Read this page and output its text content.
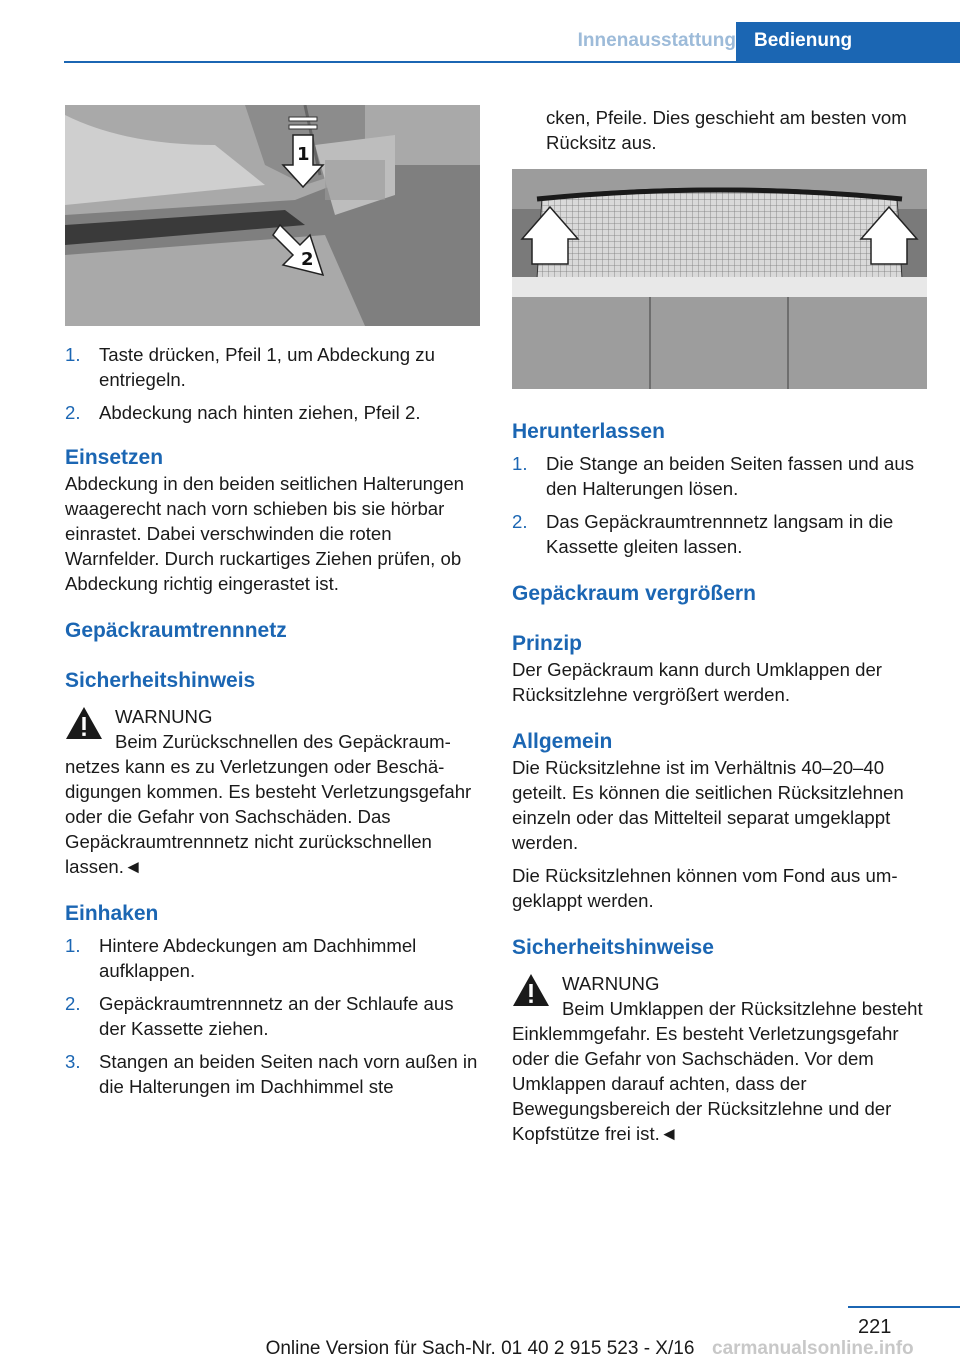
Innenausstattung Bedienung
1
2
1. Taste drücken, Pfeil 1, um Abdeckung zu entriegeln.
2. Abdeckung nach hinten ziehen, Pfeil 2.

Einsetzen

Abdeckung in den beiden seitlichen Halterungen waagerecht nach vorn schieben bis sie hörbar einrastet. Dabei verschwinden die roten Warnfelder. Durch ruckartiges Ziehen prüfen, ob Abdeckung richtig eingerastet ist.

Gepäckraumtrennnetz

Sicherheitshinweis

WARNUNG

Beim Zurückschnellen des Gepäckraumnetzes kann es zu Verletzungen oder Beschädigungen kommen. Es besteht Verletzungsgefahr oder die Gefahr von Sachschäden. Das Gepäckraumtrennnetz nicht zurückschnellen lassen.◄

Einhaken

1. Hintere Abdeckungen am Dachhimmel aufklappen.
2. Gepäckraumtrennnetz an der Schlaufe aus der Kassette ziehen.
3. Stangen an beiden Seiten nach vorn außen in die Halterungen im Dachhimmel ste

cken, Pfeile. Dies geschieht am besten vom Rücksitz aus.

Herunterlassen

1. Die Stange an beiden Seiten fassen und aus den Halterungen lösen.
2. Das Gepäckraumtrennnetz langsam in die Kassette gleiten lassen.

Gepäckraum vergrößern

Prinzip

Der Gepäckraum kann durch Umklappen der Rücksitzlehne vergrößert werden.

Allgemein

Die Rücksitzlehne ist im Verhältnis 40–20–40 geteilt. Es können die seitlichen Rücksitzlehnen einzeln oder das Mittelteil separat umgeklappt werden.

Die Rücksitzlehnen können vom Fond aus umgeklappt werden.

Sicherheitshinweise

WARNUNG

Beim Umklappen der Rücksitzlehne besteht Einklemmgefahr. Es besteht Verletzungsgefahr oder die Gefahr von Sachschäden. Vor dem Umklappen darauf achten, dass der Bewegungsbereich der Rücksitzlehne und der Kopfstütze frei ist.◄

221
Online Version für Sach-Nr. 01 40 2 915 523 - X/16 carmanualsonline.info
